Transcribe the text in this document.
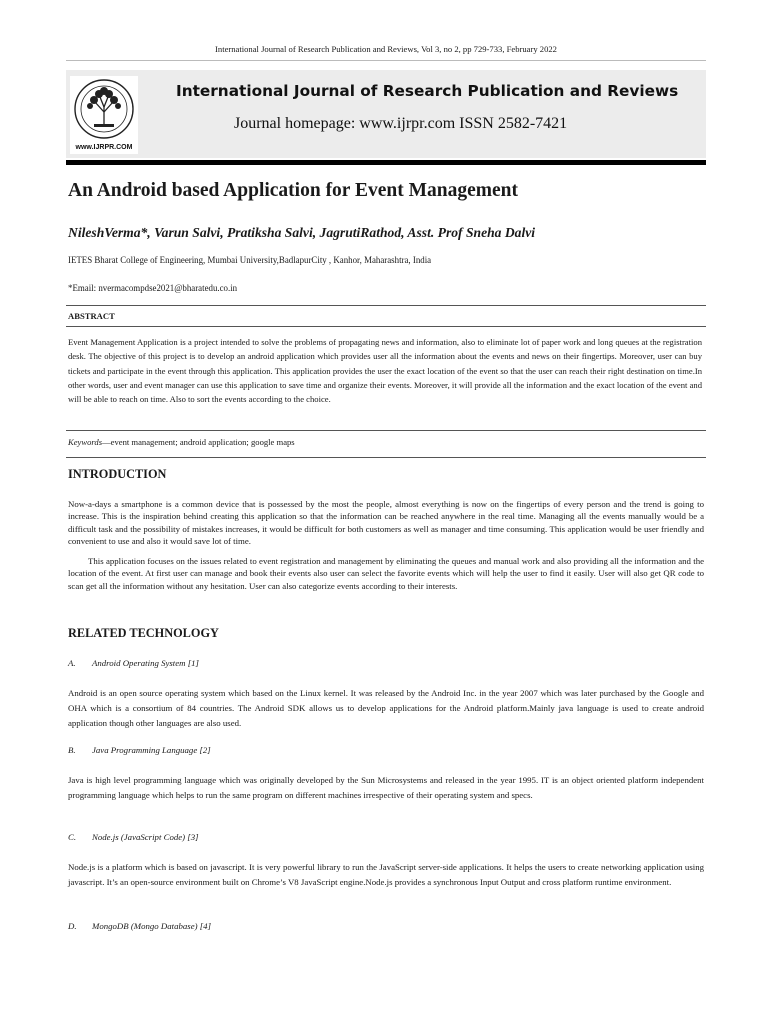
International Journal of Research Publication and Reviews, Vol 3, no 2, pp 729-733, February 2022
www.IJRPR.COM
International Journal of Research Publication and Reviews
Journal homepage: www.ijrpr.com ISSN 2582-7421
An Android based Application for Event Management
NileshVerma*, Varun Salvi, Pratiksha Salvi, JagrutiRathod, Asst. Prof Sneha Dalvi
IETES Bharat College of Engineering, Mumbai University,BadlapurCity , Kanhor, Maharashtra, India
*Email: nvermacompdse2021@bharatedu.co.in
ABSTRACT
Event Management Application is a project intended to solve the problems of propagating news and information, also to eliminate lot of paper work and long queues at the registration desk. The objective of this project is to develop an android application which provides user all the information about the events and news on their fingertips. Moreover, user can buy tickets and participate in the event through this application. This application provides the user the exact location of the event so that the user can reach their right destination on time.In other words, user and event manager can use this application to save time and organize their events. Moreover, it will provide all the information and the exact location of the event and will be able to reach on time. Also to sort the events according to the choice.
Keywords—event management; android application; google maps
INTRODUCTION
Now-a-days a smartphone is a common device that is possessed by the most the people, almost everything is now on the fingertips of every person and the trend is going to increase. This is the inspiration behind creating this application so that the information can be reached anywhere in the real time. Managing all the events manually would be a difficult task and the possibility of mistakes increases, it would be difficult for both customers as well as manager and time consuming. This application would be user friendly and convenient to use and also it would save lot of time.
This application focuses on the issues related to event registration and management by eliminating the queues and manual work and also providing all the information and the location of the event. At first user can manage and book their events also user can select the favorite events which will help the user to find it easily. User will also get QR code to scan get all the information without any hesitation. User can also categorize events according to their interests.
RELATED TECHNOLOGY
A. Android Operating System [1]
Android is an open source operating system which based on the Linux kernel. It was released by the Android Inc. in the year 2007 which was later purchased by the Google and OHA which is a consortium of 84 countries. The Android SDK allows us to develop applications for the Android platform.Mainly java language is used to create android application though other languages are also used.
B. Java Programming Language [2]
Java is high level programming language which was originally developed by the Sun Microsystems and released in the year 1995. IT is an object oriented platform independent programming language which helps to run the same program on different machines irrespective of their operating system and specs.
C. Node.js (JavaScript Code) [3]
Node.js is a platform which is based on javascript. It is very powerful library to run the JavaScript server-side applications. It helps the users to create networking application using javascript. It’s an open-source environment built on Chrome’s V8 JavaScript engine.Node.js provides a synchronous Input Output and cross platform runtime environment.
D. MongoDB (Mongo Database) [4]
